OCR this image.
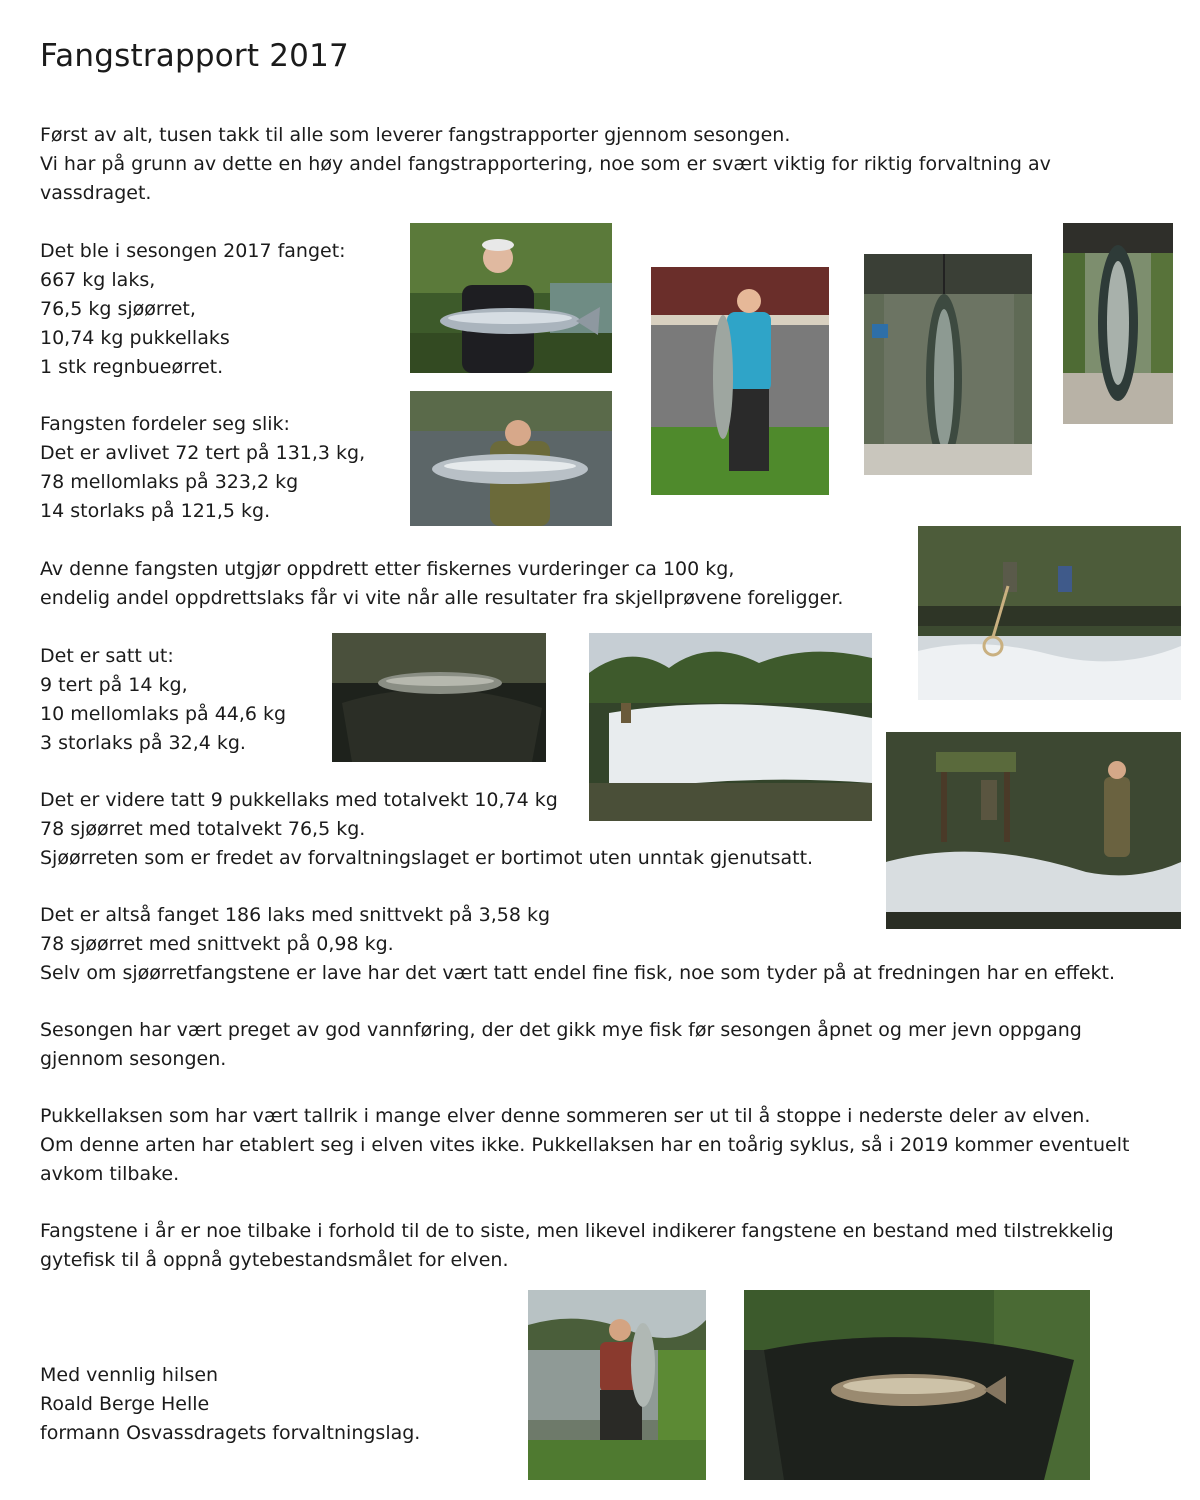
Fangstrapport 2017

Først av alt, tusen takk til alle som leverer fangstrapporter gjennom sesongen.

Vi har på grunn av dette en høy andel fangstrapportering, noe som er svært viktig for riktig forvaltning av

vassdraget.

Det ble i sesongen 2017 fanget:

667 kg laks,

76,5 kg sjøørret,

10,74 kg pukkellaks

1 stk regnbueørret.

Fangsten fordeler seg slik:

Det er avlivet 72 tert på 131,3 kg,

78 mellomlaks på 323,2 kg

14 storlaks på 121,5 kg.

Av denne fangsten utgjør oppdrett etter fiskernes vurderinger ca 100 kg,

endelig andel oppdrettslaks får vi vite når alle resultater fra skjellprøvene foreligger.

Det er satt ut:

9 tert på 14 kg,

10 mellomlaks på 44,6 kg

3 storlaks på 32,4 kg.

Det er videre tatt 9 pukkellaks med totalvekt 10,74 kg

78 sjøørret med totalvekt 76,5 kg.

Sjøørreten som er fredet av forvaltningslaget er bortimot uten unntak gjenutsatt.

Det er altså fanget 186 laks med snittvekt på 3,58 kg

78 sjøørret med snittvekt på 0,98 kg.

Selv om sjøørretfangstene er lave har det vært tatt endel fine fisk, noe som tyder på at fredningen har en effekt.

Sesongen har vært preget av god vannføring, der det gikk mye fisk før sesongen åpnet og mer jevn oppgang

gjennom sesongen.

Pukkellaksen som har vært tallrik i mange elver denne sommeren ser ut til å stoppe i nederste deler av elven.

Om denne arten har etablert seg i elven vites ikke. Pukkellaksen har en toårig syklus, så i 2019 kommer eventuelt

avkom tilbake.

Fangstene i år er noe tilbake i forhold til de to siste, men likevel indikerer fangstene en bestand med tilstrekkelig

gytefisk til å oppnå gytebestandsmålet for elven.

Med vennlig hilsen

Roald Berge Helle

formann Osvassdragets forvaltningslag.
